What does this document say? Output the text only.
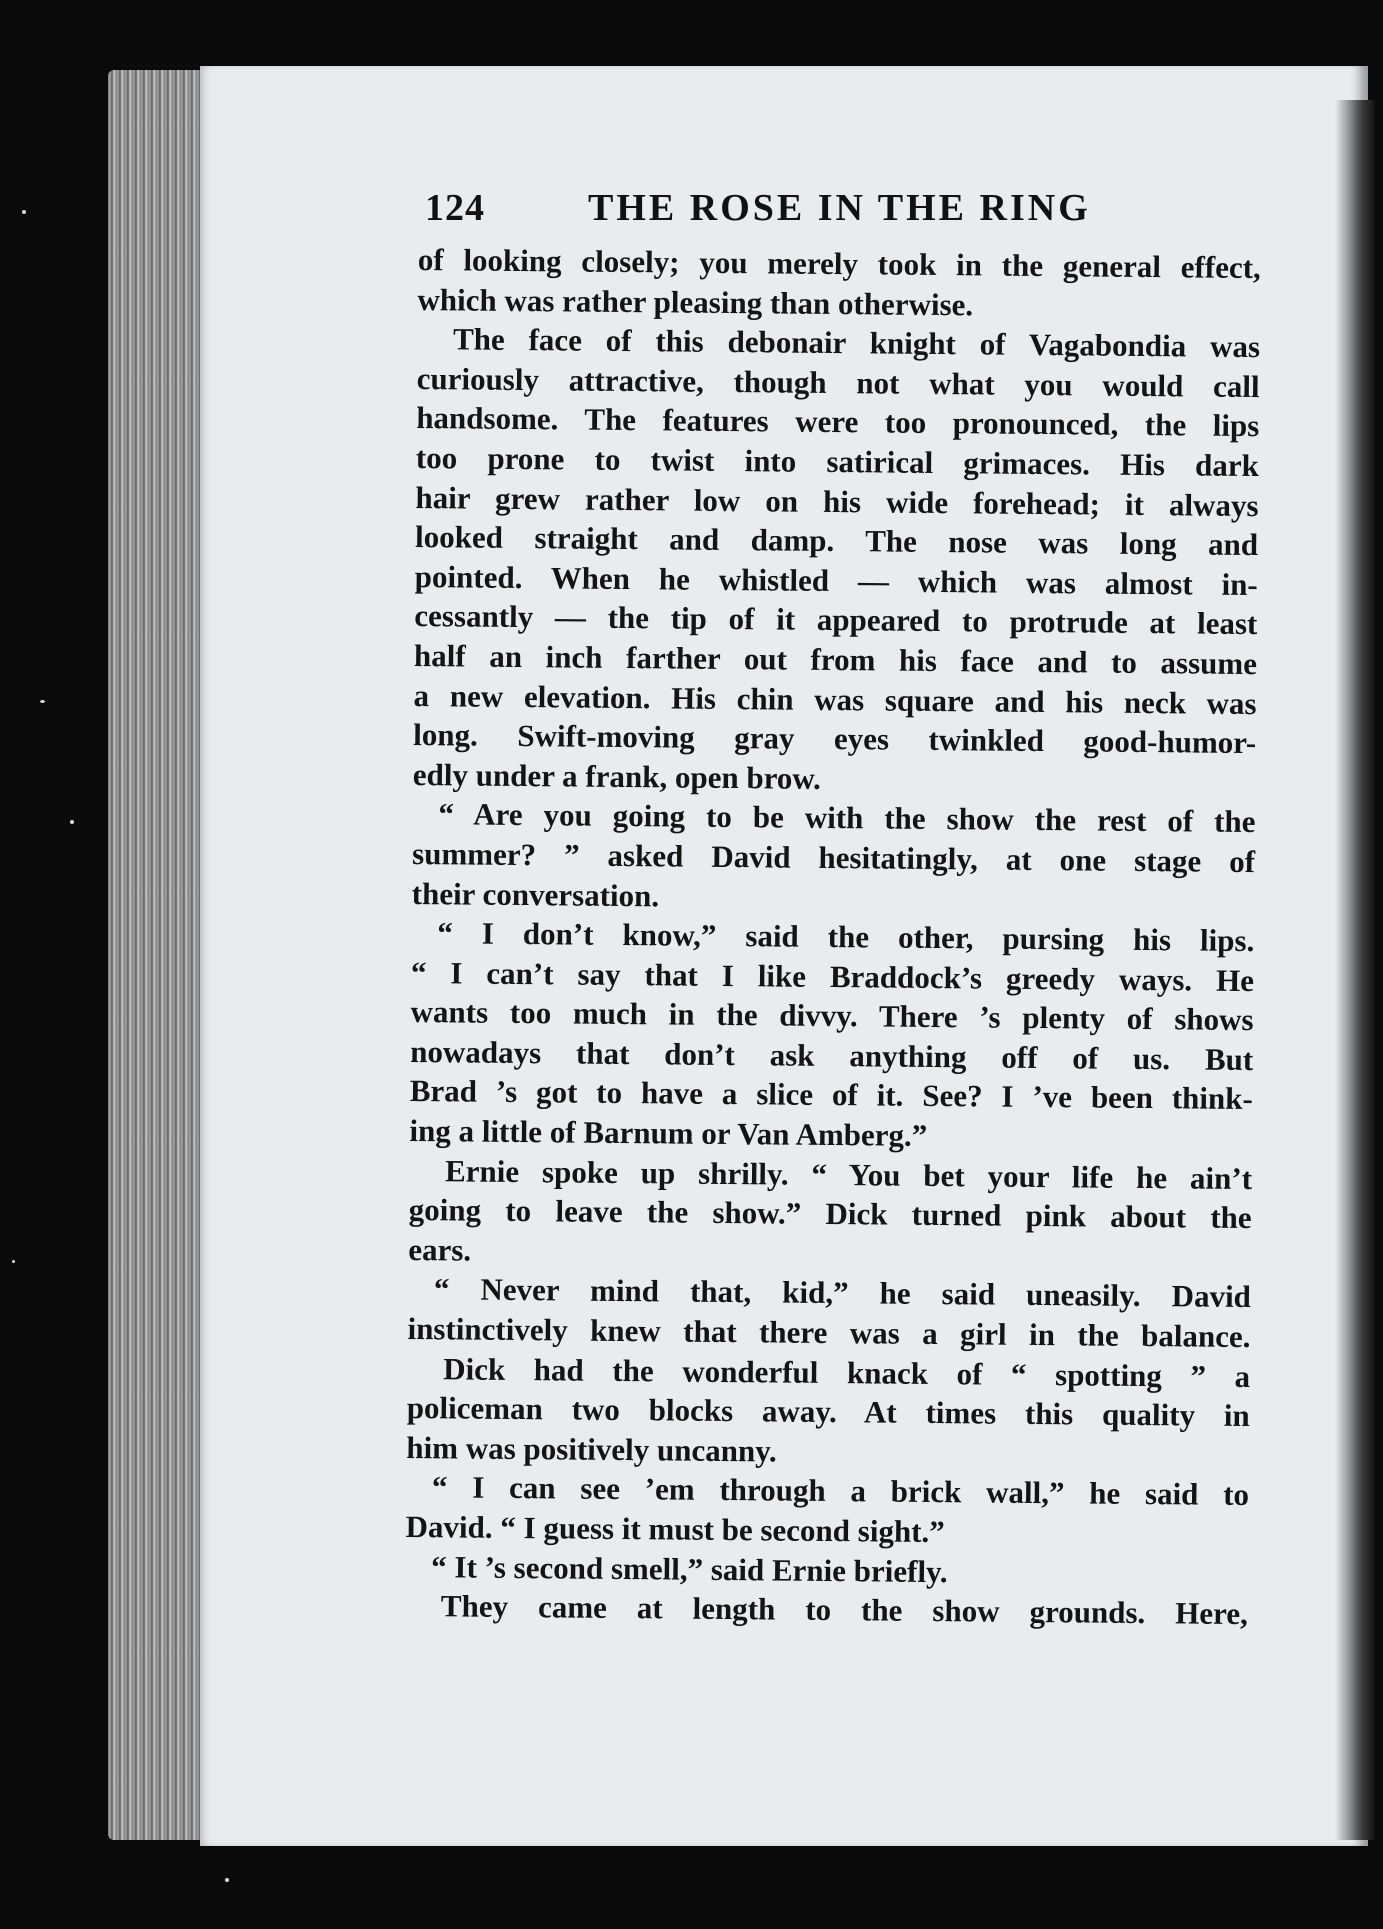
124	THE ROSE IN THE RING
of looking closely; you merely took in the general effect,
which was rather pleasing than otherwise.
The face of this debonair knight of Vagabondia was
curiously attractive, though not what you would call
handsome. The features were too pronounced, the lips
too prone to twist into satirical grimaces. His dark
hair grew rather low on his wide forehead; it always
looked straight and damp. The nose was long and
pointed. When he whistled — which was almost in-
cessantly — the tip of it appeared to protrude at least
half an inch farther out from his face and to assume
a new elevation. His chin was square and his neck was
long. Swift-moving gray eyes twinkled good-humor-
edly under a frank, open brow.
“ Are you going to be with the show the rest of the
summer? ” asked David hesitatingly, at one stage of
their conversation.
“ I don’t know,” said the other, pursing his lips.
“ I can’t say that I like Braddock’s greedy ways. He
wants too much in the divvy. There ’s plenty of shows
nowadays that don’t ask anything off of us. But
Brad ’s got to have a slice of it. See? I ’ve been think-
ing a little of Barnum or Van Amberg.”
Ernie spoke up shrilly. “ You bet your life he ain’t
going to leave the show.” Dick turned pink about the
ears.
“ Never mind that, kid,” he said uneasily. David
instinctively knew that there was a girl in the balance.
Dick had the wonderful knack of “ spotting ” a
policeman two blocks away. At times this quality in
him was positively uncanny.
“ I can see ’em through a brick wall,” he said to
David. “ I guess it must be second sight.”
“ It ’s second smell,” said Ernie briefly.
They came at length to the show grounds. Here,
